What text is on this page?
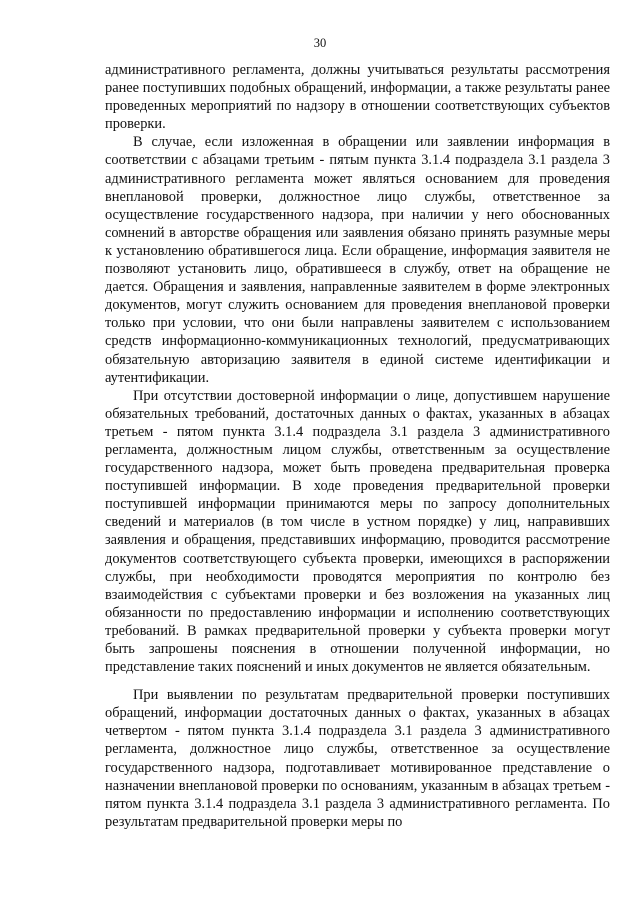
30

административного регламента, должны учитываться результаты рассмотрения ранее поступивших подобных обращений, информации, а также результаты ранее проведенных мероприятий по надзору в отношении соответствующих субъектов проверки.

В случае, если изложенная в обращении или заявлении информация в соответствии с абзацами третьим - пятым пункта 3.1.4 подраздела 3.1 раздела 3 административного регламента может являться основанием для проведения внеплановой проверки, должностное лицо службы, ответственное за осуществление государственного надзора, при наличии у него обоснованных сомнений в авторстве обращения или заявления обязано принять разумные меры к установлению обратившегося лица. Если обращение, информация заявителя не позволяют установить лицо, обратившееся в службу, ответ на обращение не дается. Обращения и заявления, направленные заявителем в форме электронных документов, могут служить основанием для проведения внеплановой проверки только при условии, что они были направлены заявителем с использованием средств информационно-коммуникационных технологий, предусматривающих обязательную авторизацию заявителя в единой системе идентификации и аутентификации.

При отсутствии достоверной информации о лице, допустившем нарушение обязательных требований, достаточных данных о фактах, указанных в абзацах третьем - пятом пункта 3.1.4 подраздела 3.1 раздела 3 административного регламента, должностным лицом службы, ответственным за осуществление государственного надзора, может быть проведена предварительная проверка поступившей информации. В ходе проведения предварительной проверки поступившей информации принимаются меры по запросу дополнительных сведений и материалов (в том числе в устном порядке) у лиц, направивших заявления и обращения, представивших информацию, проводится рассмотрение документов соответствующего субъекта проверки, имеющихся в распоряжении службы, при необходимости проводятся мероприятия по контролю без взаимодействия с субъектами проверки и без возложения на указанных лиц обязанности по предоставлению информации и исполнению соответствующих требований. В рамках предварительной проверки у субъекта проверки могут быть запрошены пояснения в отношении полученной информации, но представление таких пояснений и иных документов не является обязательным.

При выявлении по результатам предварительной проверки поступивших обращений, информации достаточных данных о фактах, указанных в абзацах четвертом - пятом пункта 3.1.4 подраздела 3.1 раздела 3 административного регламента, должностное лицо службы, ответственное за осуществление государственного надзора, подготавливает мотивированное представление о назначении внеплановой проверки по основаниям, указанным в абзацах третьем - пятом пункта 3.1.4 подраздела 3.1 раздела 3 административного регламента. По результатам предварительной проверки меры по
